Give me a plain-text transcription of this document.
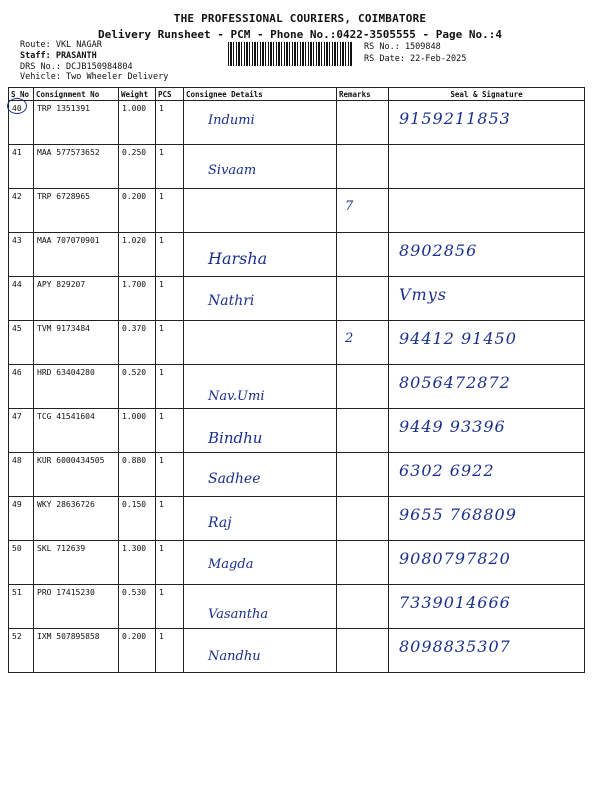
THE PROFESSIONAL COURIERS, COIMBATORE
Delivery Runsheet - PCM - Phone No.:0422-3505555 - Page No.:4
Route: VKL NAGAR
Staff: PRASANTH
DRS No.: DCJB150984804
Vehicle: Two Wheeler Delivery
RS No.: 1509848
RS Date: 22-Feb-2025
S No	Consignment No	Weight	PCS	Consignee Details	Remarks	Seal & Signature
40	TRP 1351391	1.000	1	Indumi		9159211853

41	MAA 577573652	0.250	1	Sivaam		

42	TRP 6728965	0.200	1		7	

43	MAA 707070901	1.020	1	Harsha		8902856

44	APY 829207	1.700	1	Nathri		Vmys

45	TVM 9173484	0.370	1		2	94412 91450

46	HRD 63404280	0.520	1	Nav.Umi		8056472872

47	TCG 41541604	1.000	1	Bindhu		9449 93396

48	KUR 6000434505	0.880	1	Sadhee		6302 6922

49	WKY 28636726	0.150	1	Raj		9655 768809

50	SKL 712639	1.300	1	Magda		9080797820

51	PRO 17415230	0.530	1	Vasantha		7339014666

52	IXM 507895858	0.200	1	Nandhu		8098835307
